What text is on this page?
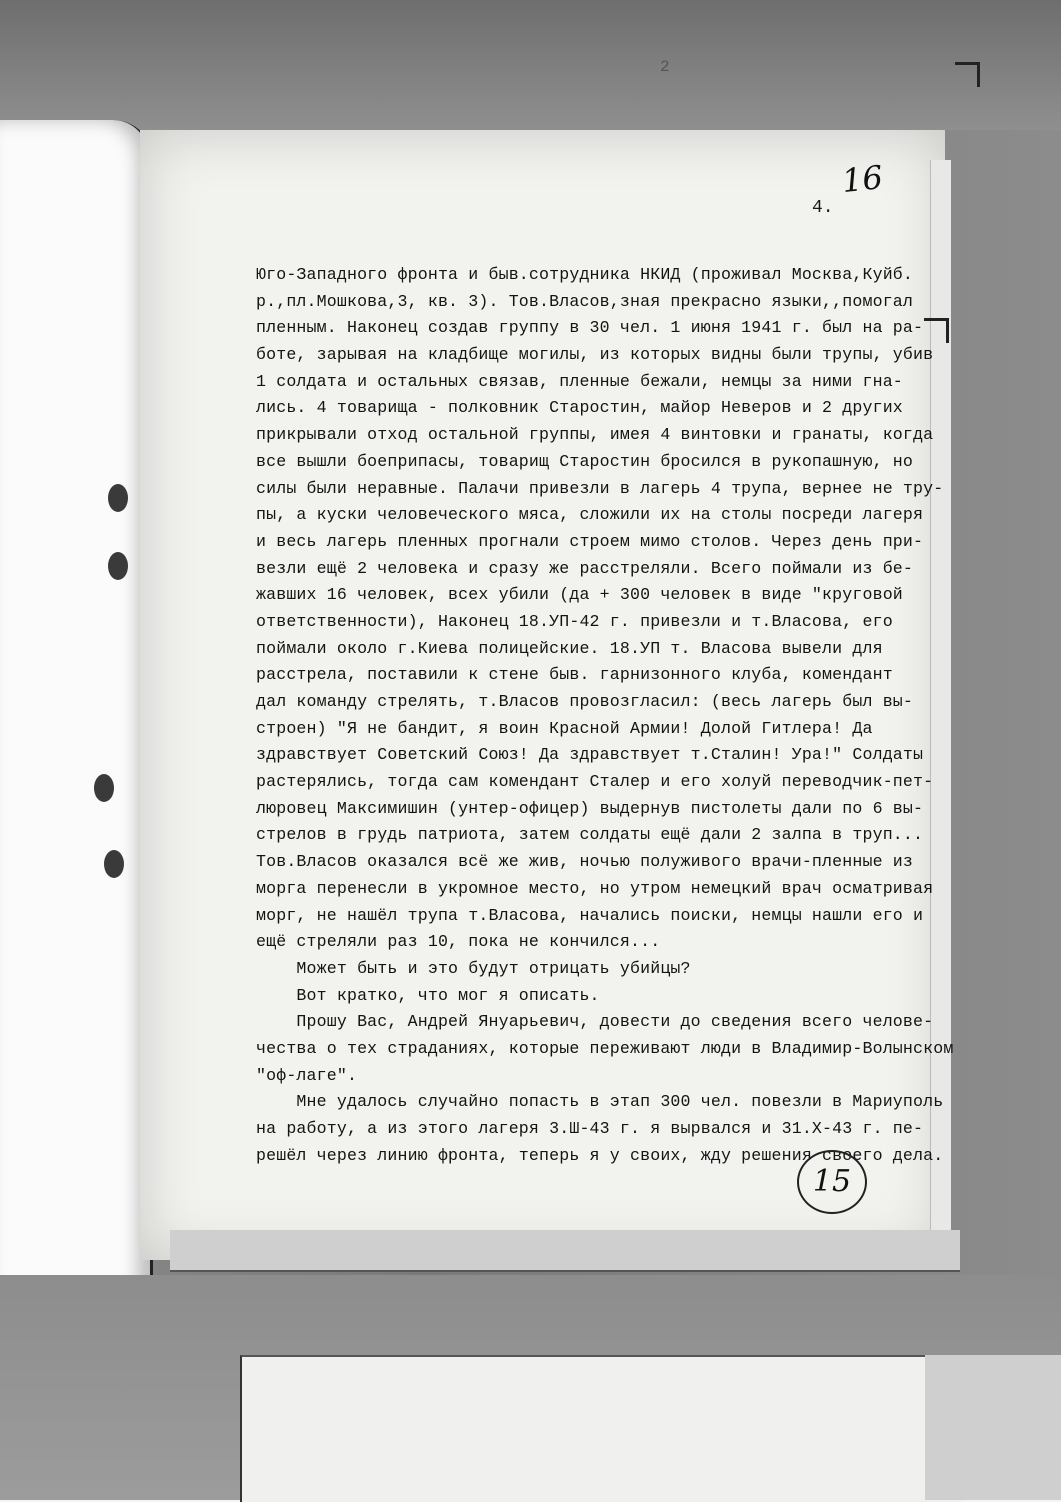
2
16
4.
Юго-Западного фронта и быв.сотрудника НКИД (проживал Москва,Куйб.
р.,пл.Мошкова,3, кв. 3). Тов.Власов,зная прекрасно языки,,помогал
пленным. Наконец создав группу в 30 чел. 1 июня 1941 г. был на ра-
боте, зарывая на кладбище могилы, из которых видны были трупы, убив
1 солдата и остальных связав, пленные бежали, немцы за ними гна-
лись. 4 товарища - полковник Старостин, майор Неверов и 2 других
прикрывали отход остальной группы, имея 4 винтовки и гранаты, когда
все вышли боеприпасы, товарищ Старостин бросился в рукопашную, но
силы были неравные. Палачи привезли в лагерь 4 трупа, вернее не тру-
пы, а куски человеческого мяса, сложили их на столы посреди лагеря
и весь лагерь пленных прогнали строем мимо столов. Через день при-
везли ещё 2 человека и сразу же расстреляли. Всего поймали из бе-
жавших 16 человек, всех убили (да + 300 человек в виде "круговой
ответственности), Наконец 18.УП-42 г. привезли и т.Власова, его
поймали около г.Киева полицейские. 18.УП т. Власова вывели для
расстрела, поставили к стене быв. гарнизонного клуба, комендант
дал команду стрелять, т.Власов провозгласил: (весь лагерь был вы-
строен) "Я не бандит, я воин Красной Армии! Долой Гитлера! Да
здравствует Советский Союз! Да здравствует т.Сталин! Ура!" Солдаты
растерялись, тогда сам комендант Сталер и его холуй переводчик-пет-
люровец Максимишин (унтер-офицер) выдернув пистолеты дали по 6 вы-
стрелов в грудь патриота, затем солдаты ещё дали 2 залпа в труп...
Тов.Власов оказался всё же жив, ночью полуживого врачи-пленные из
морга перенесли в укромное место, но утром немецкий врач осматривая
морг, не нашёл трупа т.Власова, начались поиски, немцы нашли его и
ещё стреляли раз 10, пока не кончился...
Может быть и это будут отрицать убийцы?
Вот кратко, что мог я описать.
Прошу Вас, Андрей Януарьевич, довести до сведения всего челове-
чества о тех страданиях, которые переживают люди в Владимир-Волынском
"оф-лаге".
Мне удалось случайно попасть в этап 300 чел. повезли в Мариуполь
на работу, а из этого лагеря 3.Ш-43 г. я вырвался и 31.Х-43 г. пе-
решёл через линию фронта, теперь я у своих, жду решения своего дела.
15
